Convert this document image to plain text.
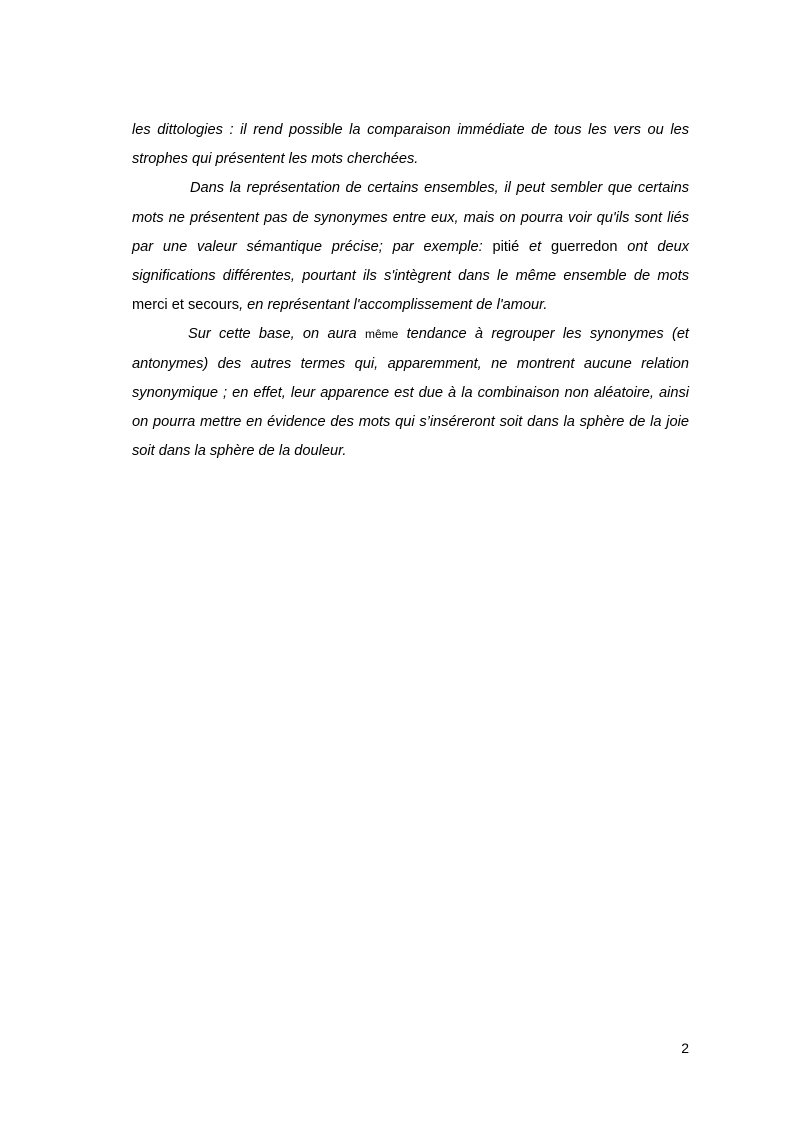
les dittologies : il rend possible la comparaison immédiate de tous les vers ou les strophes qui présentent les mots cherchées.

Dans la représentation de certains ensembles, il peut sembler que certains mots ne présentent pas de synonymes entre eux, mais on pourra voir qu'ils sont liés par une valeur sémantique précise; par exemple: pitié et guerredon ont deux significations différentes, pourtant ils s'intègrent dans le même ensemble de mots merci et secours, en représentant l'accomplissement de l'amour.

Sur cette base, on aura même tendance à regrouper les synonymes (et antonymes) des autres termes qui, apparemment, ne montrent aucune relation synonymique ; en effet, leur apparence est due à la combinaison non aléatoire, ainsi on pourra mettre en évidence des mots qui s’inséreront soit dans la sphère de la joie soit dans la sphère de la douleur.

2
